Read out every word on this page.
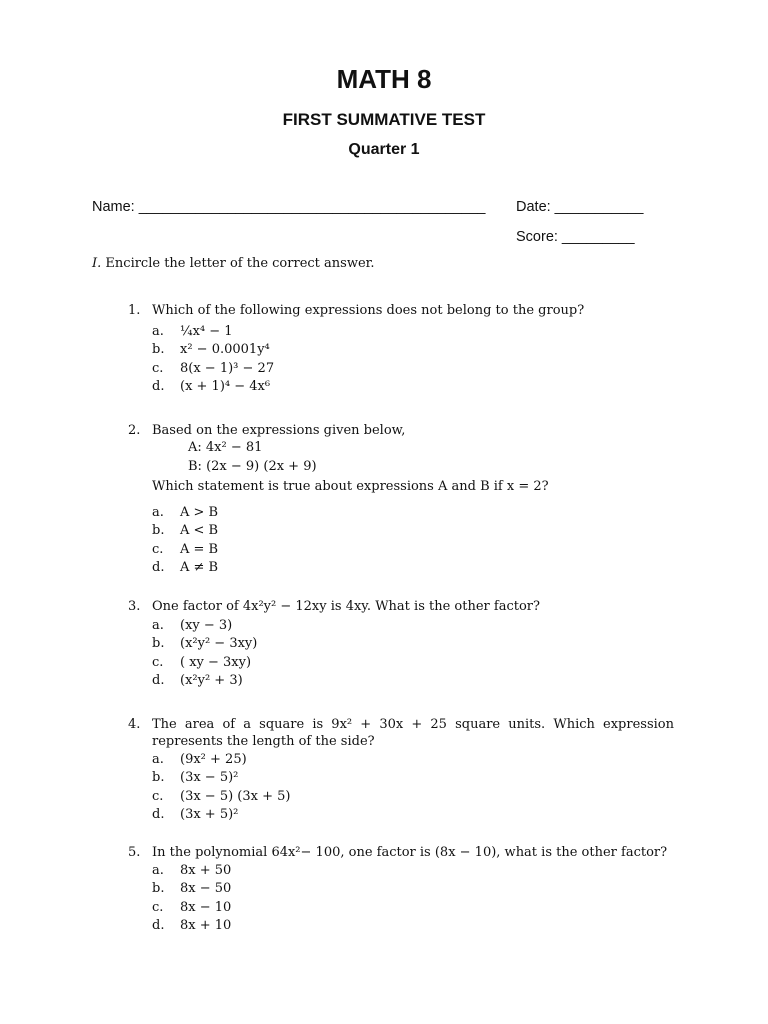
MATH 8
FIRST SUMMATIVE TEST
Quarter 1
Name: ___________________________________________ Date: ___________
Score: _________
I. Encircle the letter of the correct answer.
1. Which of the following expressions does not belong to the group?
a.	¼x⁴ − 1
b.	x² − 0.0001y⁴
c.	8(x − 1)³ − 27
d.	(x + 1)⁴ − 4x⁶
2. Based on the expressions given below,
A: 4x² − 81
B: (2x − 9) (2x + 9)
Which statement is true about expressions A and B if x = 2?
a.	A > B
b.	A < B
c.	A = B
d.	A ≠ B
3. One factor of 4x²y² − 12xy is 4xy. What is the other factor?
a.	(xy − 3)
b.	(x²y² − 3xy)
c.	( xy − 3xy)
d.	(x²y² + 3)
4. The area of a square is 9x² + 30x + 25 square units. Which expression represents the length of the side?
a.	(9x² + 25)
b.	(3x − 5)²
c.	(3x − 5) (3x + 5)
d.	(3x + 5)²
5. In the polynomial 64x²− 100, one factor is (8x − 10), what is the other factor?
a.	8x + 50
b.	8x − 50
c.	8x − 10
d.	8x + 10
